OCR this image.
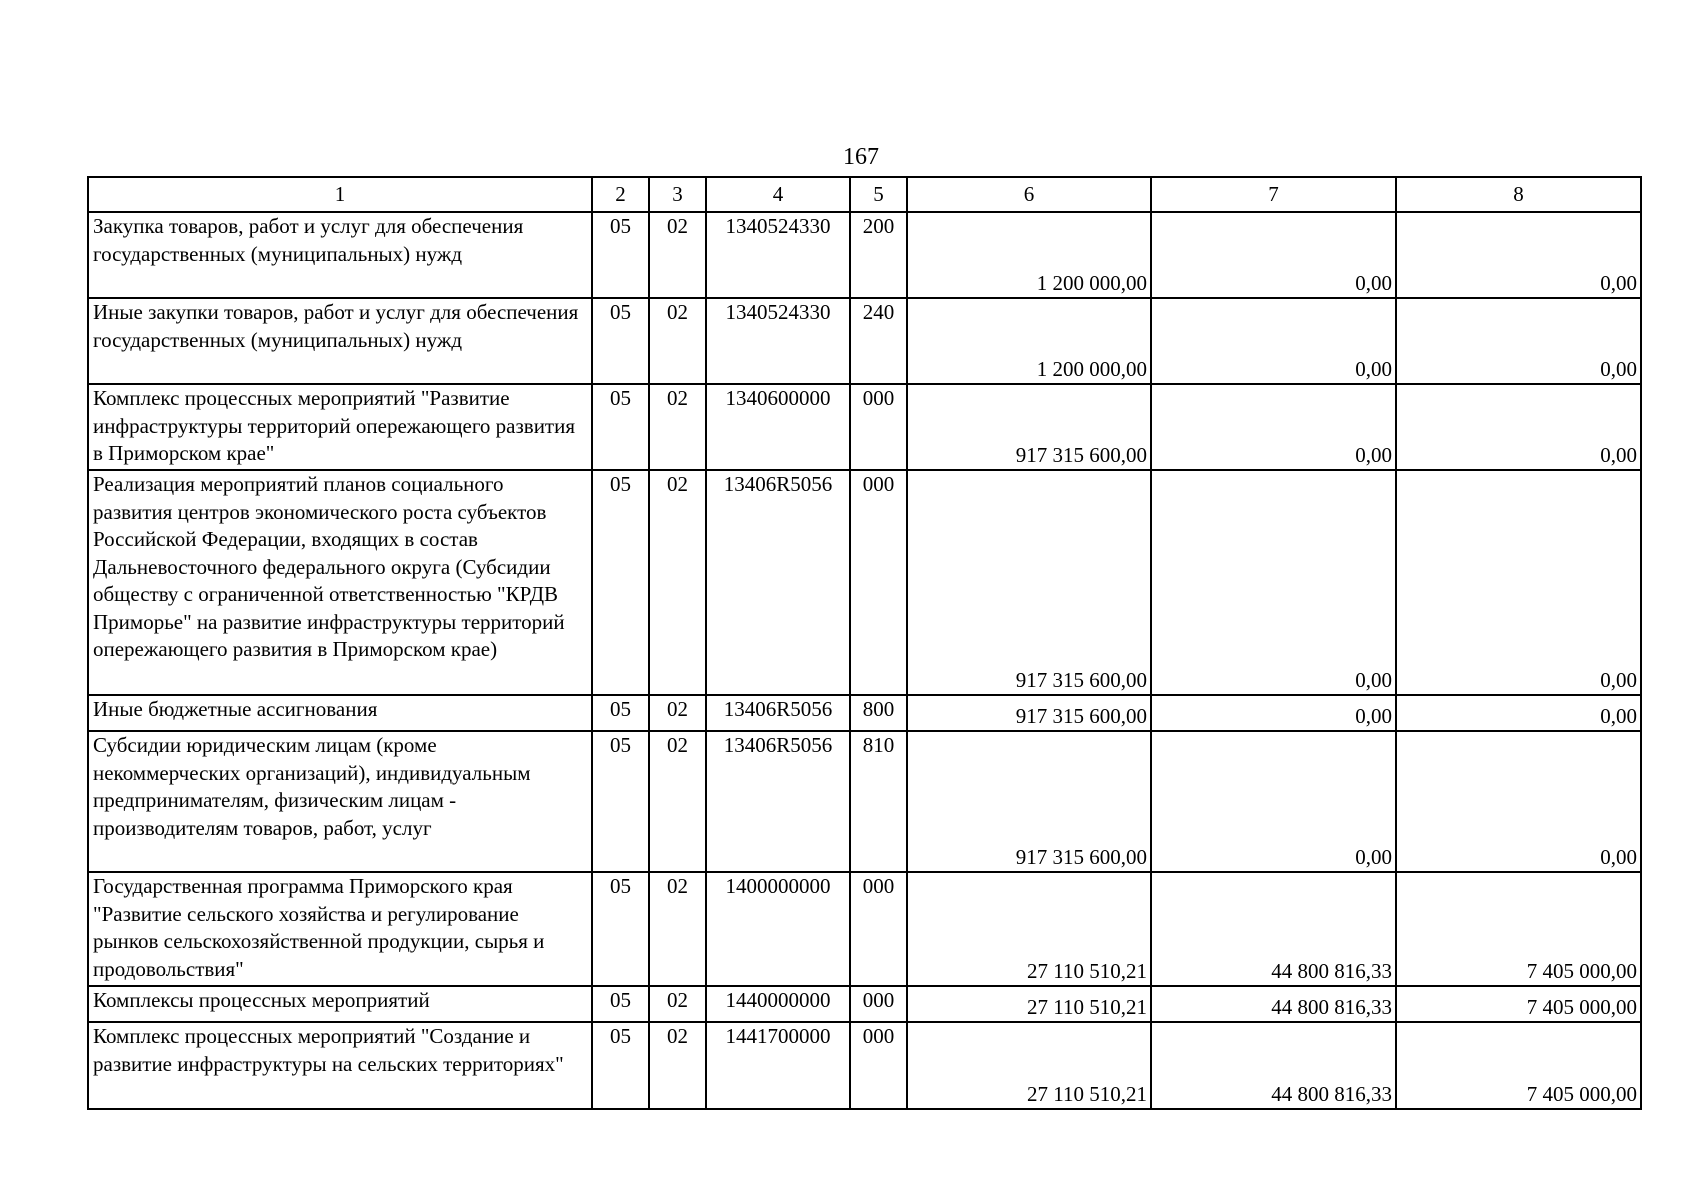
167
1	2	3	4	5	6	7	8
Закупка товаров, работ и услуг для обеспечения государственных (муниципальных) нужд	05	02	1340524330	200	1 200 000,00	0,00	0,00
Иные закупки товаров, работ и услуг для обеспечения государственных (муниципальных) нужд	05	02	1340524330	240	1 200 000,00	0,00	0,00
Комплекс процессных мероприятий "Развитие инфраструктуры территорий опережающего развития в Приморском крае"	05	02	1340600000	000	917 315 600,00	0,00	0,00
Реализация мероприятий планов социального развития центров экономического роста субъектов Российской Федерации, входящих в состав Дальневосточного федерального округа (Субсидии обществу с ограниченной ответственностью "КРДВ Приморье" на развитие инфраструктуры территорий опережающего развития в Приморском крае)	05	02	13406R5056	000	917 315 600,00	0,00	0,00
Иные бюджетные ассигнования	05	02	13406R5056	800	917 315 600,00	0,00	0,00
Субсидии юридическим лицам (кроме некоммерческих организаций), индивидуальным предпринимателям, физическим лицам - производителям товаров, работ, услуг	05	02	13406R5056	810	917 315 600,00	0,00	0,00
Государственная программа Приморского края "Развитие сельского хозяйства и регулирование рынков сельскохозяйственной продукции, сырья и продовольствия"	05	02	1400000000	000	27 110 510,21	44 800 816,33	7 405 000,00
Комплексы процессных мероприятий	05	02	1440000000	000	27 110 510,21	44 800 816,33	7 405 000,00
Комплекс процессных мероприятий "Создание и развитие инфраструктуры на сельских территориях"	05	02	1441700000	000	27 110 510,21	44 800 816,33	7 405 000,00
